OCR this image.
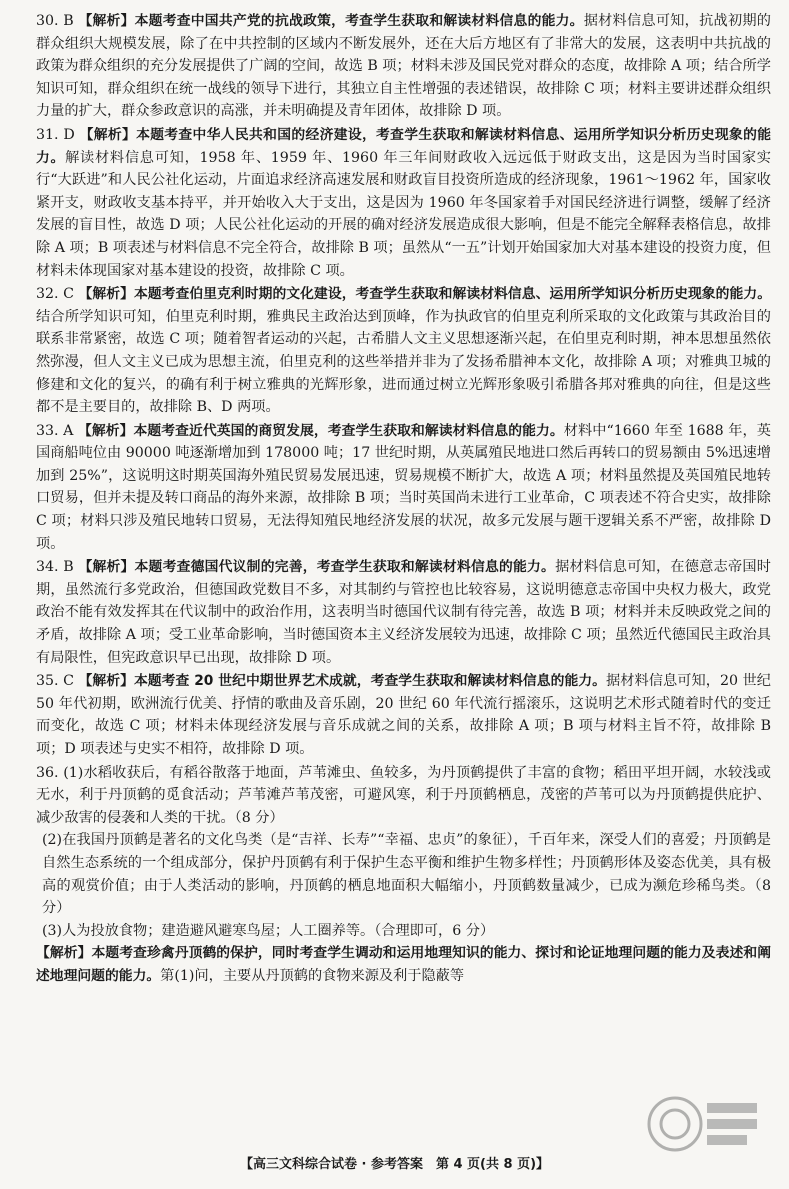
30. B 【解析】本题考查中国共产党的抗战政策，考查学生获取和解读材料信息的能力。据材料信息可知，抗战初期的群众组织大规模发展，除了在中共控制的区域内不断发展外，还在大后方地区有了非常大的发展，这表明中共抗战的政策为群众组织的充分发展提供了广阔的空间，故选 B 项；材料未涉及国民党对群众的态度，故排除 A 项；结合所学知识可知，群众组织在统一战线的领导下进行，其独立自主性增强的表述错误，故排除 C 项；材料主要讲述群众组织力量的扩大，群众参政意识的高涨，并未明确提及青年团体，故排除 D 项。
31. D 【解析】本题考查中华人民共和国的经济建设，考查学生获取和解读材料信息、运用所学知识分析历史现象的能力。解读材料信息可知，1958 年、1959 年、1960 年三年间财政收入远远低于财政支出，这是因为当时国家实行“大跃进”和人民公社化运动，片面追求经济高速发展和财政盲目投资所造成的经济现象，1961～1962 年，国家收紧开支，财政收支基本持平，并开始收入大于支出，这是因为 1960 年冬国家着手对国民经济进行调整，缓解了经济发展的盲目性，故选 D 项；人民公社化运动的开展的确对经济发展造成很大影响，但是不能完全解释表格信息，故排除 A 项；B 项表述与材料信息不完全符合，故排除 B 项；虽然从“一五”计划开始国家加大对基本建设的投资力度，但材料未体现国家对基本建设的投资，故排除 C 项。
32. C 【解析】本题考查伯里克利时期的文化建设，考查学生获取和解读材料信息、运用所学知识分析历史现象的能力。结合所学知识可知，伯里克利时期，雅典民主政治达到顶峰，作为执政官的伯里克利所采取的文化政策与其政治目的联系非常紧密，故选 C 项；随着智者运动的兴起，古希腊人文主义思想逐渐兴起，在伯里克利时期，神本思想虽然依然弥漫，但人文主义已成为思想主流，伯里克利的这些举措并非为了发扬希腊神本文化，故排除 A 项；对雅典卫城的修建和文化的复兴，的确有利于树立雅典的光辉形象，进而通过树立光辉形象吸引希腊各邦对雅典的向往，但是这些都不是主要目的，故排除 B、D 两项。
33. A 【解析】本题考查近代英国的商贸发展，考查学生获取和解读材料信息的能力。材料中“1660 年至 1688 年，英国商船吨位由 90000 吨逐渐增加到 178000 吨；17 世纪时期，从英属殖民地进口然后再转口的贸易额由 5%迅速增加到 25%”，这说明这时期英国海外殖民贸易发展迅速，贸易规模不断扩大，故选 A 项；材料虽然提及英国殖民地转口贸易，但并未提及转口商品的海外来源，故排除 B 项；当时英国尚未进行工业革命，C 项表述不符合史实，故排除 C 项；材料只涉及殖民地转口贸易，无法得知殖民地经济发展的状况，故多元发展与题干逻辑关系不严密，故排除 D 项。
34. B 【解析】本题考查德国代议制的完善，考查学生获取和解读材料信息的能力。据材料信息可知，在德意志帝国时期，虽然流行多党政治，但德国政党数目不多，对其制约与管控也比较容易，这说明德意志帝国中央权力极大，政党政治不能有效发挥其在代议制中的政治作用，这表明当时德国代议制有待完善，故选 B 项；材料并未反映政党之间的矛盾，故排除 A 项；受工业革命影响，当时德国资本主义经济发展较为迅速，故排除 C 项；虽然近代德国民主政治具有局限性，但宪政意识早已出现，故排除 D 项。
35. C 【解析】本题考查 20 世纪中期世界艺术成就，考查学生获取和解读材料信息的能力。据材料信息可知，20 世纪 50 年代初期，欧洲流行优美、抒情的歌曲及音乐剧，20 世纪 60 年代流行摇滚乐，这说明艺术形式随着时代的变迁而变化，故选 C 项；材料未体现经济发展与音乐成就之间的关系，故排除 A 项；B 项与材料主旨不符，故排除 B 项；D 项表述与史实不相符，故排除 D 项。
36. (1)水稻收获后，有稻谷散落于地面，芦苇滩虫、鱼较多，为丹顶鹤提供了丰富的食物；稻田平坦开阔，水较浅或无水，利于丹顶鹤的觅食活动；芦苇滩芦苇茂密，可避风寒，利于丹顶鹤栖息，茂密的芦苇可以为丹顶鹤提供庇护、减少敌害的侵袭和人类的干扰。（8 分）
(2)在我国丹顶鹤是著名的文化鸟类（是“吉祥、长寿”“幸福、忠贞”的象征），千百年来，深受人们的喜爱；丹顶鹤是自然生态系统的一个组成部分，保护丹顶鹤有利于保护生态平衡和维护生物多样性；丹顶鹤形体及姿态优美，具有极高的观赏价值；由于人类活动的影响，丹顶鹤的栖息地面积大幅缩小，丹顶鹤数量减少，已成为濒危珍稀鸟类。（8 分）
(3)人为投放食物；建造避风避寒鸟屋；人工圈养等。（合理即可，6 分）
【解析】本题考查珍禽丹顶鹤的保护，同时考查学生调动和运用地理知识的能力、探讨和论证地理问题的能力及表述和阐述地理问题的能力。第(1)问，主要从丹顶鹤的食物来源及利于隐蔽等
【高三文科综合试卷 · 参考答案　第 4 页(共 8 页)】
